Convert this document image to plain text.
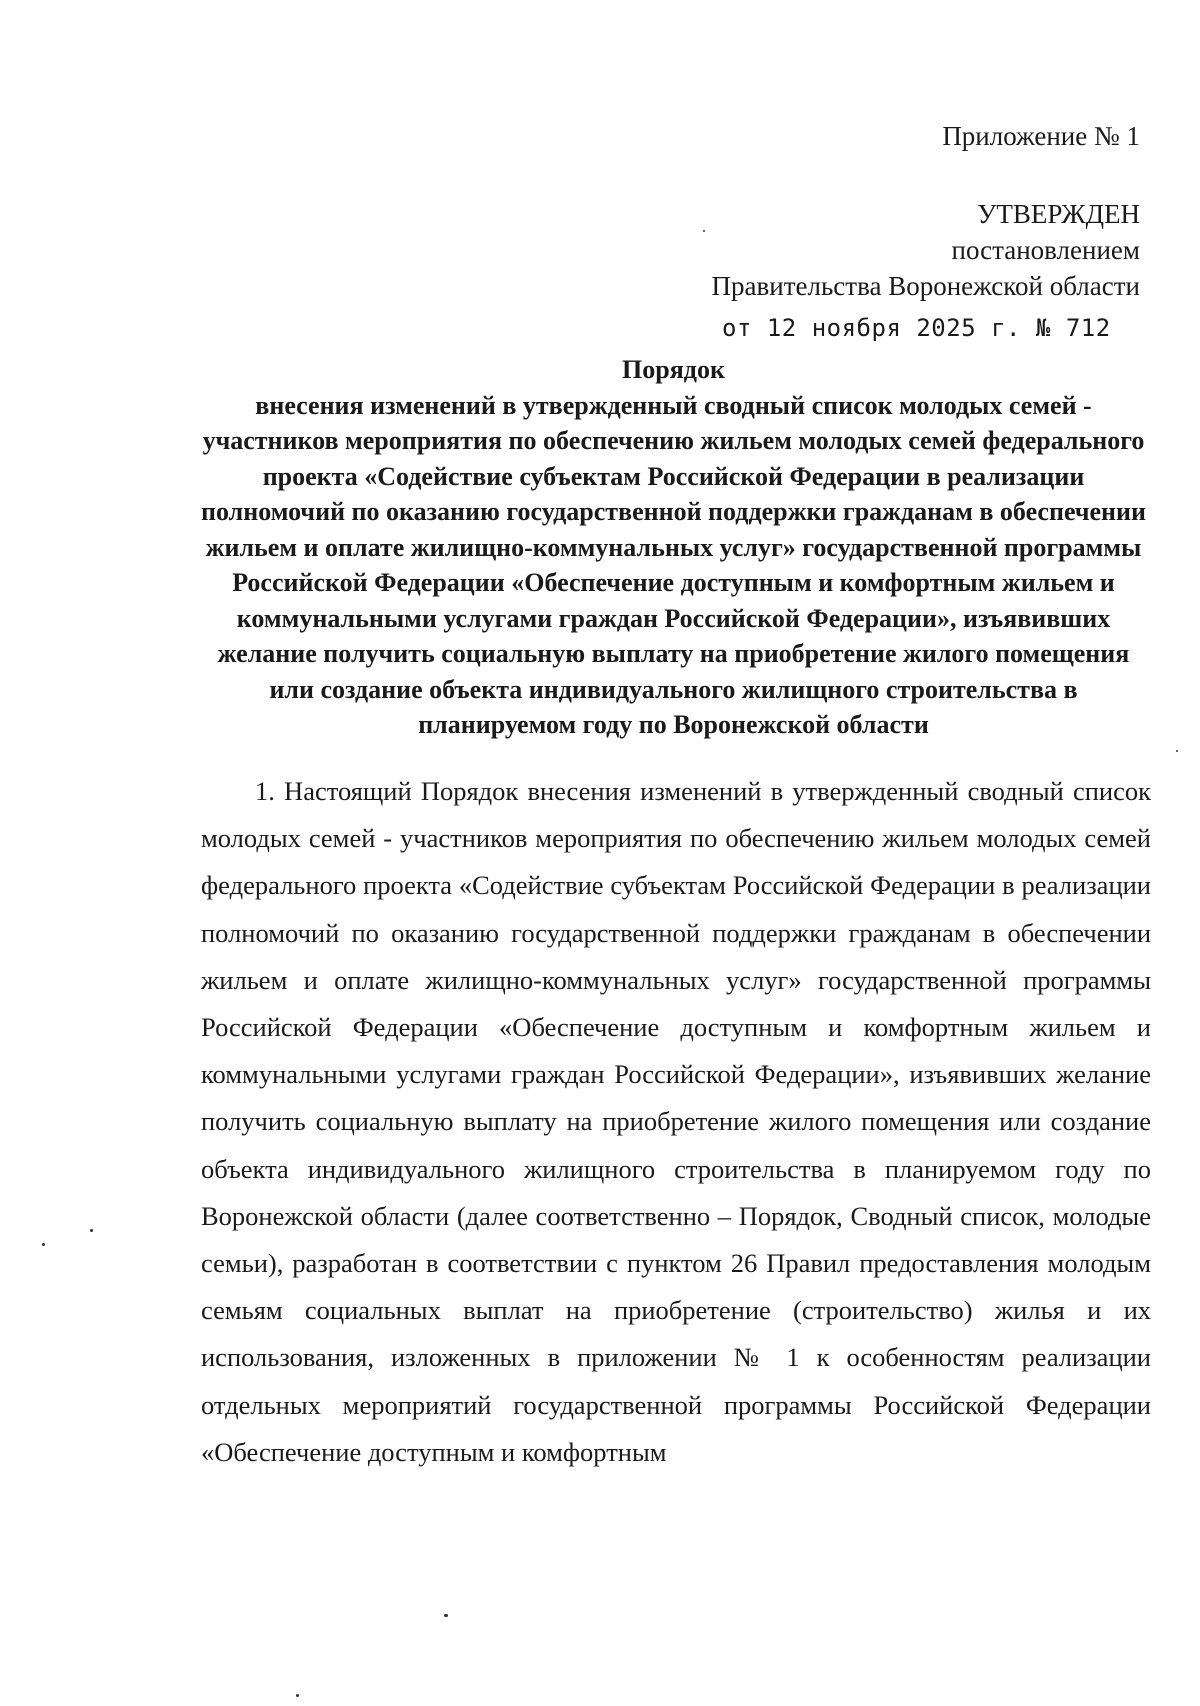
Приложение № 1
УТВЕРЖДЕН
постановлением
Правительства Воронежской области
от 12 ноября 2025 г. № 712
Порядок
внесения изменений в утвержденный сводный список молодых семей - участников мероприятия по обеспечению жильем молодых семей федерального проекта «Содействие субъектам Российской Федерации в реализации полномочий по оказанию государственной поддержки гражданам в обеспечении жильем и оплате жилищно-коммунальных услуг» государственной программы Российской Федерации «Обеспечение доступным и комфортным жильем и коммунальными услугами граждан Российской Федерации», изъявивших желание получить социальную выплату на приобретение жилого помещения или создание объекта индивидуального жилищного строительства в планируемом году по Воронежской области

1. Настоящий Порядок внесения изменений в утвержденный сводный список молодых семей - участников мероприятия по обеспечению жильем молодых семей федерального проекта «Содействие субъектам Российской Федерации в реализации полномочий по оказанию государственной поддержки гражданам в обеспечении жильем и оплате жилищно-коммунальных услуг» государственной программы Российской Федерации «Обеспечение доступным и комфортным жильем и коммунальными услугами граждан Российской Федерации», изъявивших желание получить социальную выплату на приобретение жилого помещения или создание объекта индивидуального жилищного строительства в планируемом году по Воронежской области (далее соответственно – Порядок, Сводный список, молодые семьи), разработан в соответствии с пунктом 26 Правил предоставления молодым семьям социальных выплат на приобретение (строительство) жилья и их использования, изложенных в приложении № 1 к особенностям реализации отдельных мероприятий государственной программы Российской Федерации «Обеспечение доступным и комфортным
